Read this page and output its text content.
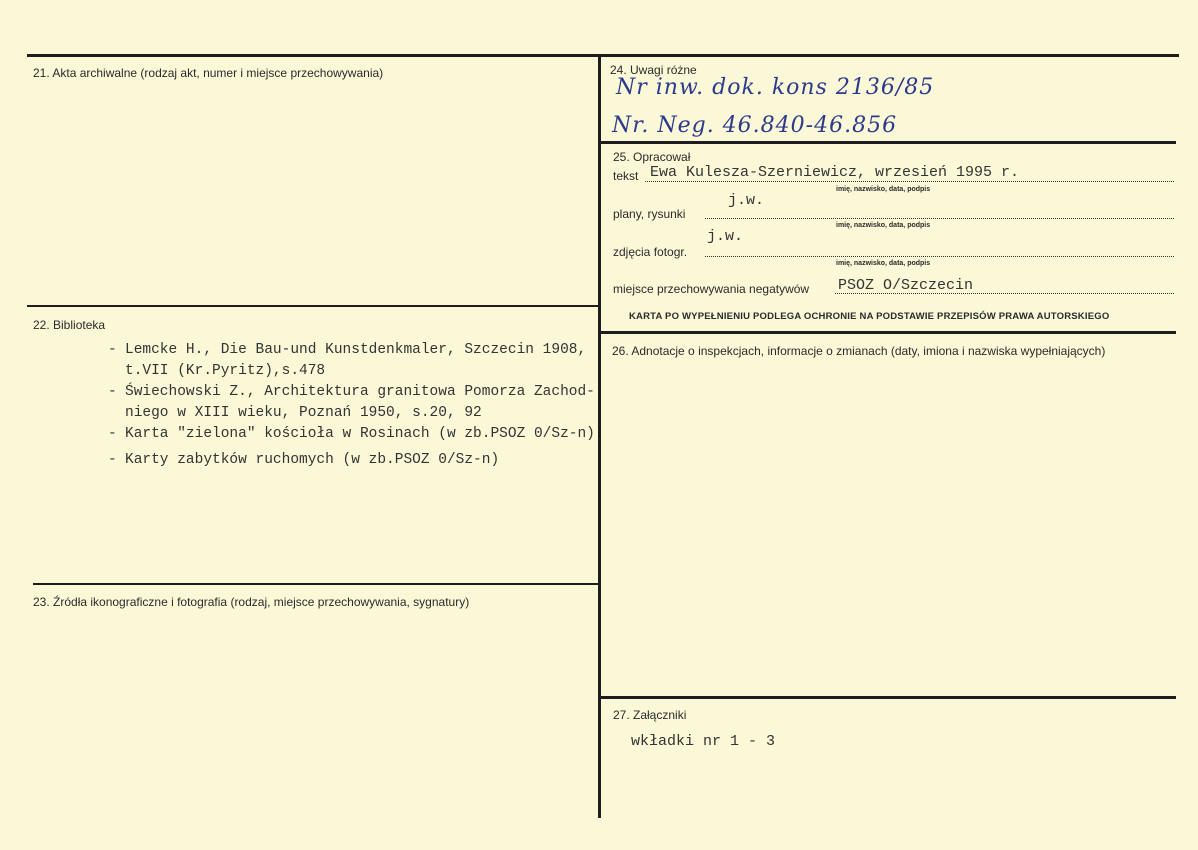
21. Akta archiwalne (rodzaj akt, numer i miejsce przechowywania)
22. Biblioteka
- Lemcke H., Die Bau-und Kunstdenkmaler, Szczecin 1908,
t.VII (Kr.Pyritz),s.478
- Świechowski Z., Architektura granitowa Pomorza Zachod-
niego w XIII wieku, Poznań 1950, s.20, 92
- Karta "zielona" kościoła w Rosinach (w zb.PSOZ 0/Sz-n)
- Karty zabytków ruchomych (w zb.PSOZ 0/Sz-n)
23. Źródła ikonograficzne i fotografia (rodzaj, miejsce przechowywania, sygnatury)
24. Uwagi różne
Nr inw. dok. kons 2136/85
Nr. Neg. 46.840-46.856
25. Opracował
tekst Ewa Kulesza-Szerniewicz, wrzesień 1995 r.
imię, nazwisko, data, podpis
j.w.
plany, rysunki
imię, nazwisko, data, podpis
j.w.
zdjęcia fotogr.
imię, nazwisko, data, podpis
miejsce przechowywania negatywów PSOZ O/Szczecin
KARTA PO WYPEŁNIENIU PODLEGA OCHRONIE NA PODSTAWIE PRZEPISÓW PRAWA AUTORSKIEGO
26. Adnotacje o inspekcjach, informacje o zmianach (daty, imiona i nazwiska wypełniających)
27. Załączniki
wkładki nr 1 - 3
